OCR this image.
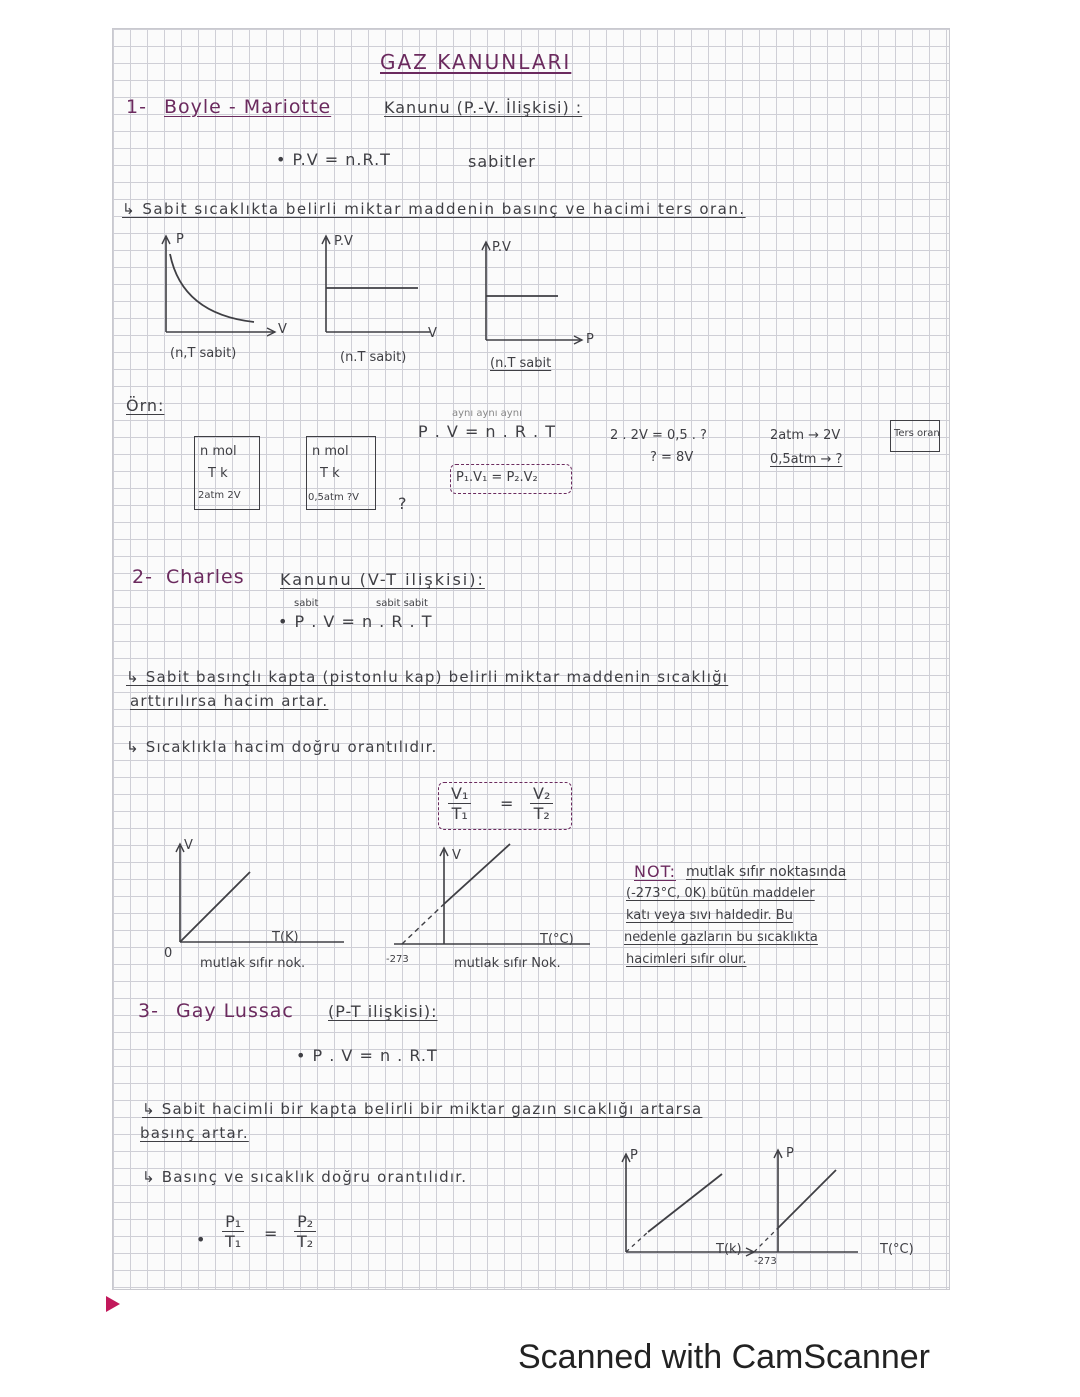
GAZ KANUNLARI
1- Boyle - Mariotte	Kanunu (P.-V. İlişkisi) :
• P.V = n.R.T	sabitler
↳ Sabit sıcaklıkta belirli miktar maddenin basınç ve hacimi ters oran.
P
V
(n,T sabit)
P.V
V
(n.T sabit)
P.V
P
(n.T sabit
Örn:
n mol
T k
2atm 2V
n mol
T k
0,5atm ?V ?
aynı aynı aynı
P . V = n . R . T
P₁.V₁ = P₂.V₂
2 . 2V = 0,5 . ?
? = 8V
2atm → 2V
0,5atm → ?
Ters oran
2- Charles Kanunu (V-T ilişkisi):
sabit	sabit sabit
• P . V = n . R . T
↳ Sabit basınçlı kapta (pistonlu kap) belirli miktar maddenin sıcaklığı
arttırılırsa hacim artar.
↳ Sıcaklıkla hacim doğru orantılıdır.
$\frac{\text{V₁}}{\text{T₁}} = \frac{\text{V₂}}{\text{T₂}}$
V
0
T(K)
mutlak sıfır nok.
V
T(°C)
-273	mutlak sıfır Nok.
NOT: mutlak sıfır noktasında
(-273°C, 0K) bütün maddeler
katı veya sıvı haldedir. Bu
nedenle gazların bu sıcaklıkta
hacimleri sıfır olur.
3- Gay Lussac (P-T ilişkisi):
• P . V = n . R.T
↳ Sabit hacimli bir kapta belirli bir miktar gazın sıcaklığı artarsa
basınç artar.
↳ Basınç ve sıcaklık doğru orantılıdır.
• $\frac{\text{P₁}}{\text{T₁}} = \frac{\text{P₂}}{\text{T₂}}$
P
T(k)
P
-273
T(°C)
Scanned with CamScanner
